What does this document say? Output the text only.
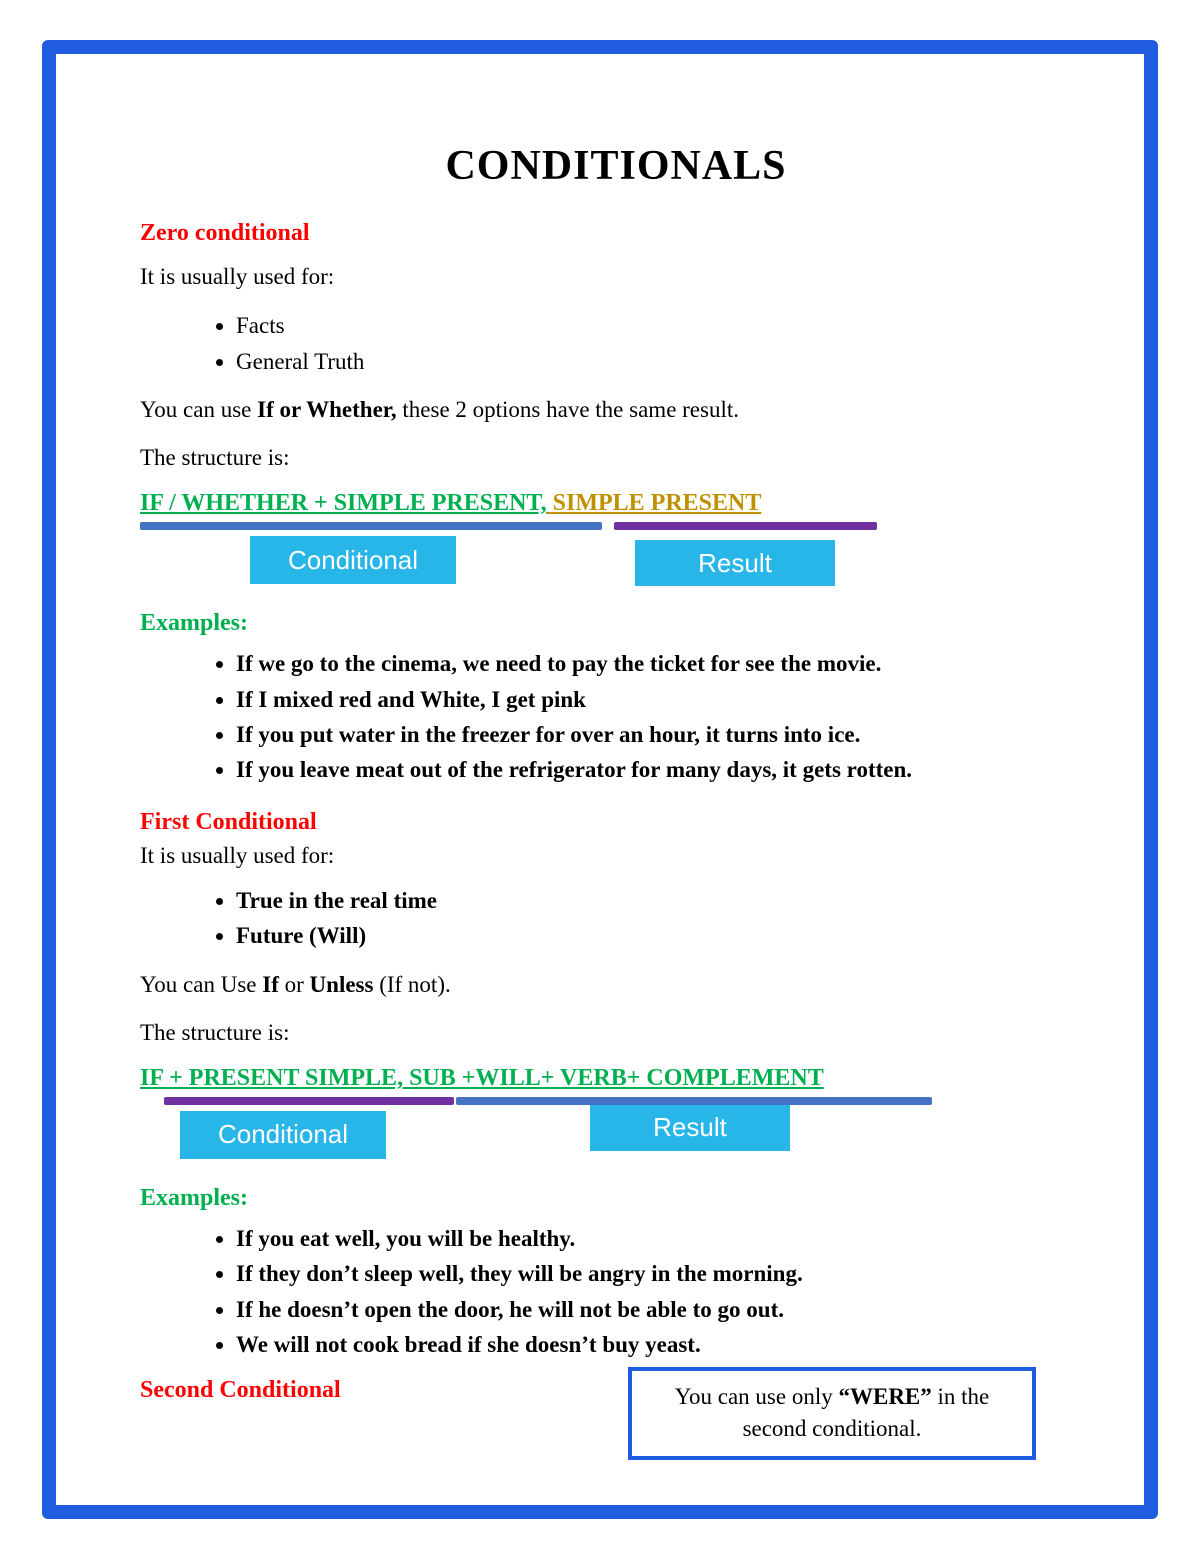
CONDITIONALS
Zero conditional
It is usually used for:
• Facts
• General Truth
You can use If or Whether, these 2 options have the same result.
The structure is:
IF / WHETHER + SIMPLE PRESENT, SIMPLE PRESENT
Conditional	Result
Examples:
• If we go to the cinema, we need to pay the ticket for see the movie.
• If I mixed red and White, I get pink
• If you put water in the freezer for over an hour, it turns into ice.
• If you leave meat out of the refrigerator for many days, it gets rotten.
First Conditional
It is usually used for:
• True in the real time
• Future (Will)
You can Use If or Unless (If not).
The structure is:
IF + PRESENT SIMPLE, SUB +WILL+ VERB+ COMPLEMENT
Conditional	Result
Examples:
• If you eat well, you will be healthy.
• If they don’t sleep well, they will be angry in the morning.
• If he doesn’t open the door, he will not be able to go out.
• We will not cook bread if she doesn’t buy yeast.
Second Conditional	You can use only “WERE” in the second conditional.
